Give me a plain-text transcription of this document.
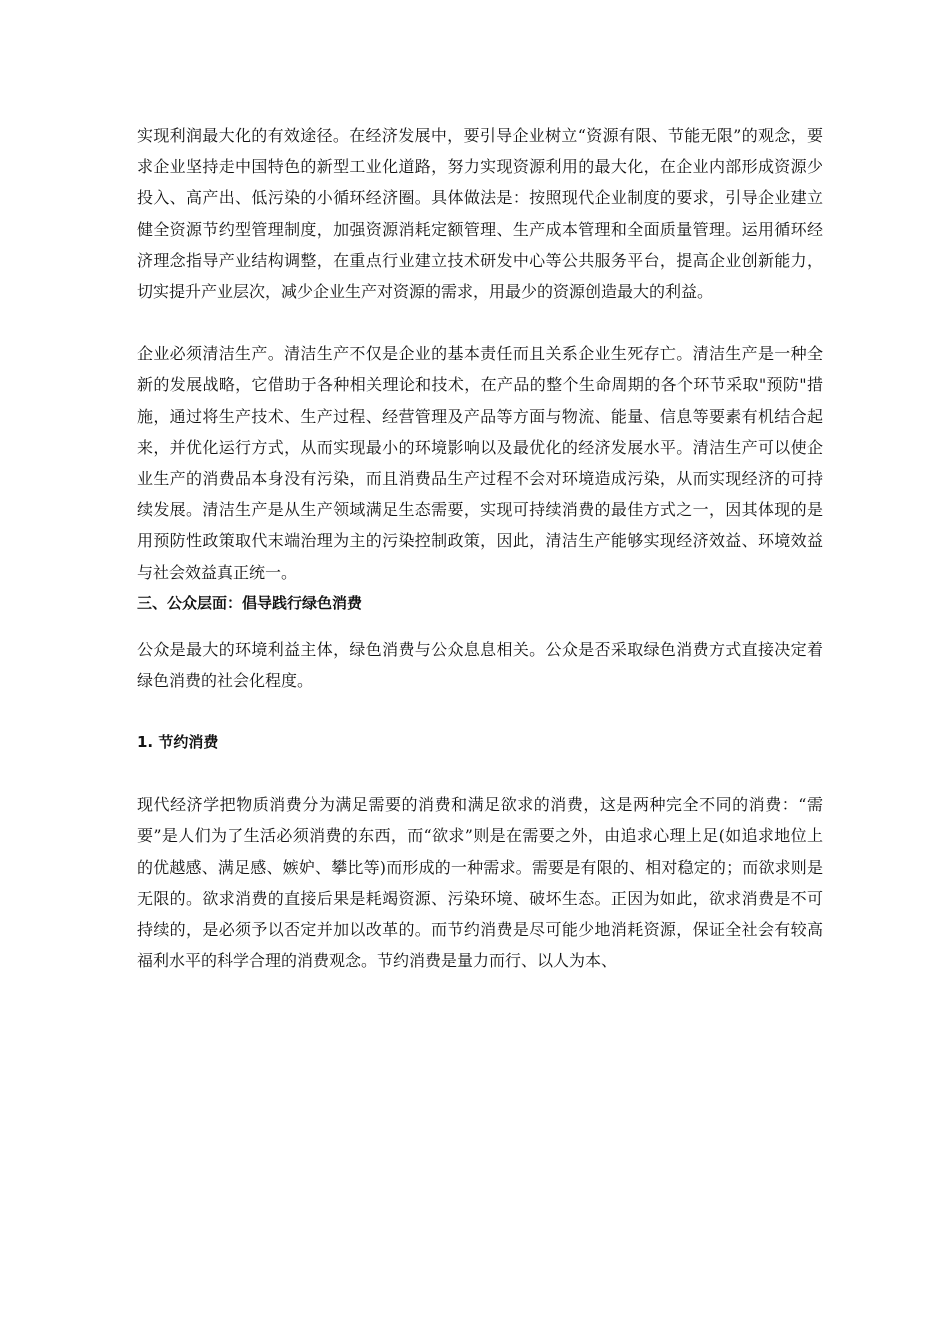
实现利润最大化的有效途径。在经济发展中，要引导企业树立“资源有限、节能无限”的观念，要求企业坚持走中国特色的新型工业化道路，努力实现资源利用的最大化，在企业内部形成资源少投入、高产出、低污染的小循环经济圈。具体做法是：按照现代企业制度的要求，引导企业建立健全资源节约型管理制度，加强资源消耗定额管理、生产成本管理和全面质量管理。运用循环经济理念指导产业结构调整，在重点行业建立技术研发中心等公共服务平台，提高企业创新能力，切实提升产业层次，减少企业生产对资源的需求，用最少的资源创造最大的利益。

企业必须清洁生产。清洁生产不仅是企业的基本责任而且关系企业生死存亡。清洁生产是一种全新的发展战略，它借助于各种相关理论和技术，在产品的整个生命周期的各个环节采取"预防"措施，通过将生产技术、生产过程、经营管理及产品等方面与物流、能量、信息等要素有机结合起来，并优化运行方式，从而实现最小的环境影响以及最优化的经济发展水平。清洁生产可以使企业生产的消费品本身没有污染，而且消费品生产过程不会对环境造成污染，从而实现经济的可持续发展。清洁生产是从生产领域满足生态需要，实现可持续消费的最佳方式之一，因其体现的是用预防性政策取代末端治理为主的污染控制政策，因此，清洁生产能够实现经济效益、环境效益与社会效益真正统一。

三、公众层面：倡导践行绿色消费

公众是最大的环境利益主体，绿色消费与公众息息相关。公众是否采取绿色消费方式直接决定着绿色消费的社会化程度。

1. 节约消费

现代经济学把物质消费分为满足需要的消费和满足欲求的消费，这是两种完全不同的消费：“需要”是人们为了生活必须消费的东西，而“欲求”则是在需要之外，由追求心理上足(如追求地位上的优越感、满足感、嫉妒、攀比等)而形成的一种需求。需要是有限的、相对稳定的；而欲求则是无限的。欲求消费的直接后果是耗竭资源、污染环境、破坏生态。正因为如此，欲求消费是不可持续的，是必须予以否定并加以改革的。而节约消费是尽可能少地消耗资源，保证全社会有较高福利水平的科学合理的消费观念。节约消费是量力而行、以人为本、
